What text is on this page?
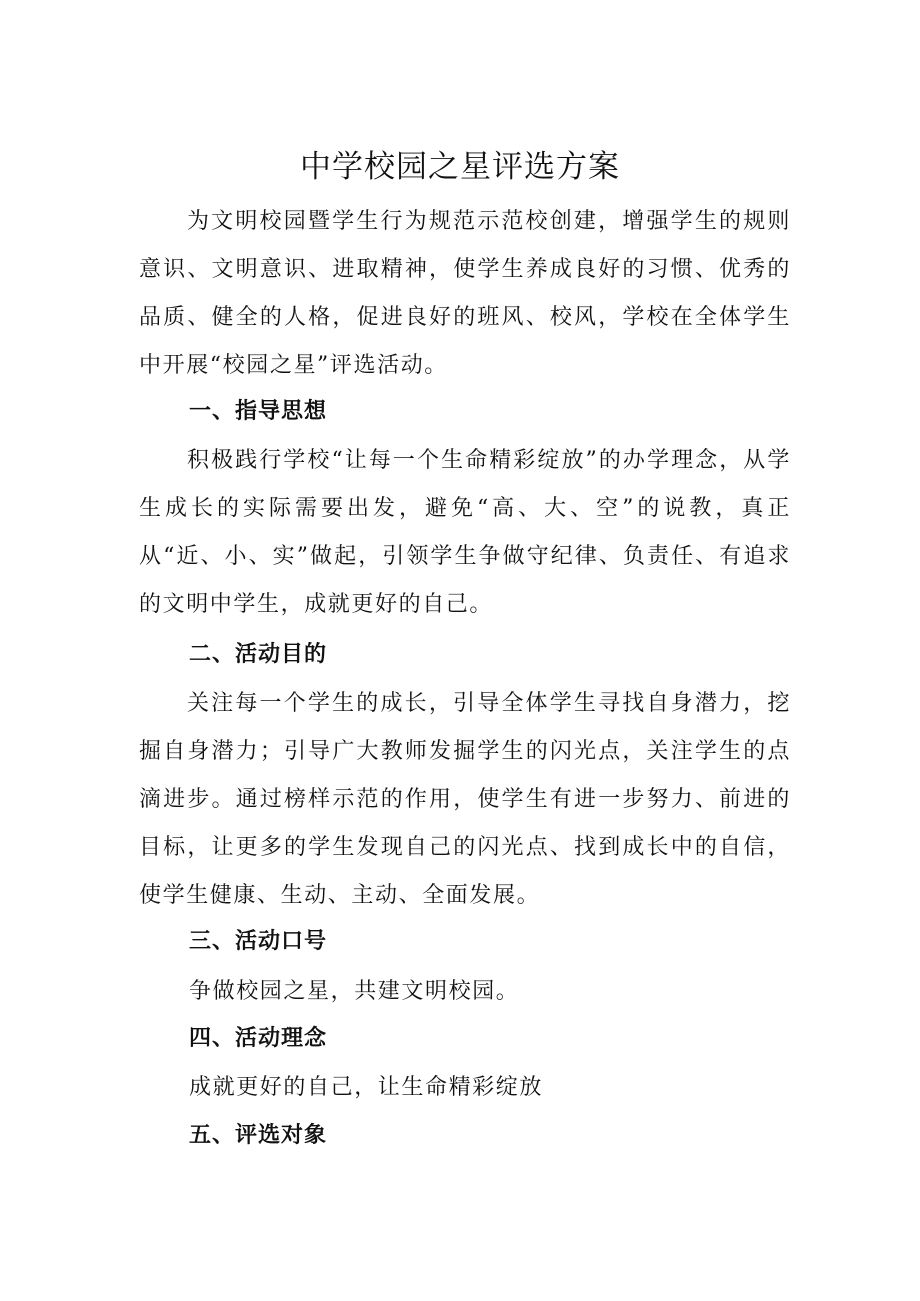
中学校园之星评选方案

为文明校园暨学生行为规范示范校创建，增强学生的规则意识、文明意识、进取精神，使学生养成良好的习惯、优秀的品质、健全的人格，促进良好的班风、校风，学校在全体学生中开展“校园之星”评选活动。

一、指导思想

积极践行学校“让每一个生命精彩绽放”的办学理念，从学生成长的实际需要出发，避免“高、大、空”的说教，真正从“近、小、实”做起，引领学生争做守纪律、负责任、有追求的文明中学生，成就更好的自己。

二、活动目的

关注每一个学生的成长，引导全体学生寻找自身潜力，挖掘自身潜力；引导广大教师发掘学生的闪光点，关注学生的点滴进步。通过榜样示范的作用，使学生有进一步努力、前进的目标，让更多的学生发现自己的闪光点、找到成长中的自信，使学生健康、生动、主动、全面发展。

三、活动口号
争做校园之星，共建文明校园。
四、活动理念
成就更好的自己，让生命精彩绽放
五、评选对象
